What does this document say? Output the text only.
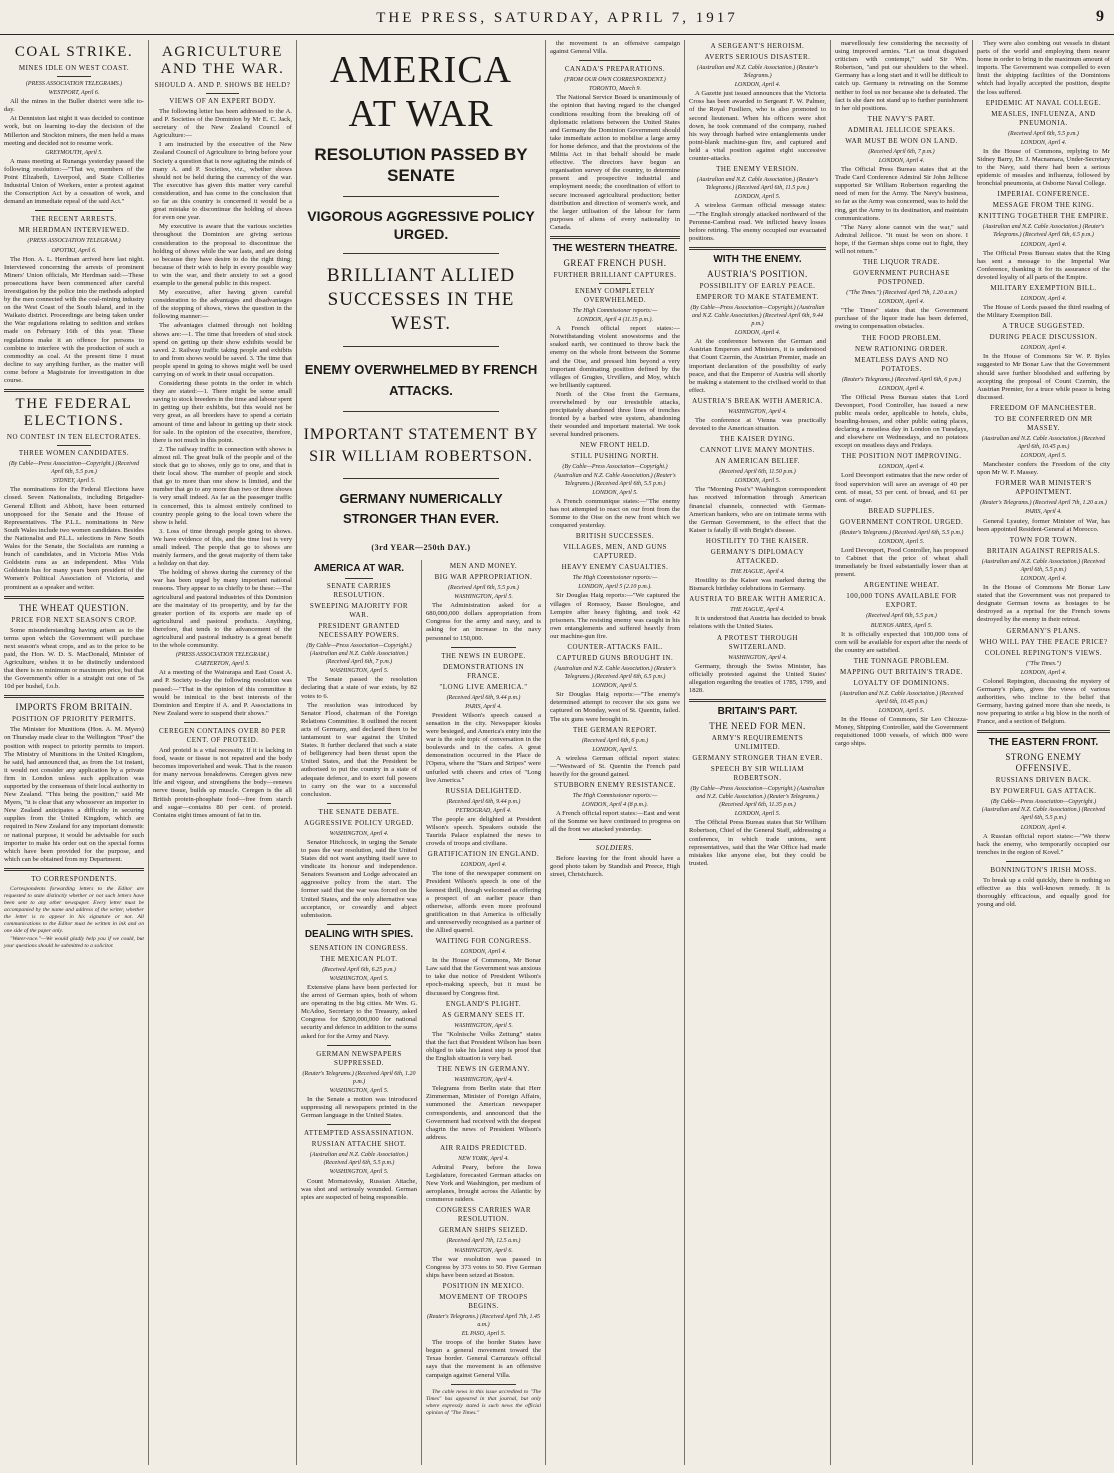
THE PRESS, SATURDAY, APRIL 7, 1917	9
COAL STRIKE.
MINES IDLE ON WEST COAST.
(PRESS ASSOCIATION TELEGRAMS.)
WESTPORT, April 6.

All the mines in the Buller district were idle to-day.

At Denniston last night it was decided to continue work, but on learning to-day the decision of the Millerton and Stockton miners, the men held a mass meeting and decided not to resume work.

GREYMOUTH, April 5.

A mass meeting at Runanga yesterday passed the following resolution:—"That we, members of the Point Elizabeth, Liverpool, and State Collieries Industrial Union of Workers, enter a protest against the Conscription Act by a cessation of work, and demand an immediate repeal of the said Act."

THE RECENT ARRESTS.
MR HERDMAN INTERVIEWED.
(PRESS ASSOCIATION TELEGRAM.)
OPOTIKI, April 6.

The Hon. A. L. Herdman arrived here last night. Interviewed concerning the arrests of prominent Miners' Union officials, Mr Herdman said:—These prosecutions have been commenced after careful investigation by the police into the methods adopted by the men connected with the coal-mining industry on the West Coast of the South Island, and in the Waikato district. Proceedings are being taken under the War regulations relating to sedition and strikes made on February 16th of this year. These regulations make it an offence for persons to combine to interfere with the production of such a commodity as coal. At the present time I must decline to say anything further, as the matter will come before a Magistrate for investigation in due course.

THE FEDERAL ELECTIONS.
NO CONTEST IN TEN ELECTORATES.
THREE WOMEN CANDIDATES.
(By Cable—Press Association—Copyright.) (Received April 6th, 5.5 p.m.)
SYDNEY, April 5.

The nominations for the Federal Elections have closed. Seven Nationalists, including Brigadier-General Elliott and Abbott, have been returned unopposed for the Senate and the House of Representatives. The P.L.L. nominations in New South Wales include two women candidates. Besides the Nationalist and P.L.L. selections in New South Wales for the Senate, the Socialists are running a bunch of candidates, and in Victoria Miss Vida Goldstein runs as an independent. Miss Vida Goldstein has for many years been president of the Women's Political Association of Victoria, and prominent as a speaker and writer.

THE WHEAT QUESTION.
PRICE FOR NEXT SEASON'S CROP.

Some misunderstanding having arisen as to the terms upon which the Government will purchase next season's wheat crops, and as to the price to be paid, the Hon. W. D. S. MacDonald, Minister of Agriculture, wishes it to be distinctly understood that there is no minimum or maximum price, but that the Government's offer is a straight out one of 5s 10d per bushel, f.o.b.

IMPORTS FROM BRITAIN.
POSITION OF PRIORITY PERMITS.

The Minister for Munitions (Hon. A. M. Myers) on Thursday made clear to the Wellington "Post" the position with respect to priority permits to import. The Ministry of Munitions in the United Kingdom, he said, had announced that, as from the 1st instant, it would not consider any application by a private firm in London unless such application was supported by the consensus of their local authority in New Zealand. "This being the position," said Mr Myers, "it is clear that any whosoever an importer in New Zealand anticipates a difficulty in securing supplies from the United Kingdom, which are required in New Zealand for any important domestic or national purpose, it would be advisable for such importer to make his order out on the special forms which have been provided for the purpose, and which can be obtained from my Department.

TO CORRESPONDENTS.

Correspondents forwarding letters to the Editor are requested to state distinctly whether or not such letters have been sent to any other newspaper. Every letter must be accompanied by the name and address of the writer, whether the letter is to appear in his signature or not. All communications to the Editor must be written in ink and on one side of the paper only.

"Water-race."—We would gladly help you if we could, but your questions should be submitted to a solicitor.

AGRICULTURE AND THE WAR.
SHOULD A. AND P. SHOWS BE HELD?
VIEWS OF AN EXPERT BODY.

The following letter has been addressed to the A. and P. Societies of the Dominion by Mr E. C. Jack, secretary of the New Zealand Council of Agriculture:—

I am instructed by the executive of the New Zealand Council of Agriculture to bring before your Society a question that is now agitating the minds of many A. and P. Societies, viz., whether shows should not be held during the currency of the war. The executive has given this matter very careful consideration, and has come to the conclusion that so far as this country is concerned it would be a great mistake to discontinue the holding of shows for even one year.

My executive is aware that the various societies throughout the Dominion are giving serious consideration to the proposal to discontinue the holding of shows while the war lasts, and are doing so because they have desire to do the right thing; because of their wish to help in every possible way to win the war, and their anxiety to set a good example to the general public in this respect.

My executive, after having given careful consideration to the advantages and disadvantages of the stopping of shows, views the question in the following manner:—

The advantages claimed through not holding shows are:—1. The time that breeders of stud stock spend on getting up their show exhibits would be saved. 2. Railway traffic taking people and exhibits to and from shows would be saved. 3. The time that people spend in going to shows might well be used carrying on of work in their usual occupation.

Considering these points in the order in which they are stated:—1. There might be some small saving to stock breeders in the time and labour spent in getting up their exhibits, but this would not be very great, as all breeders have to spend a certain amount of time and labour in getting up their stock for sale. In the opinion of the executive, therefore, there is not much in this point.

2. The railway traffic in connection with shows is almost nil. The great bulk of the people and of the stock that go to shows, only go to one, and that is their local show. The number of people and stock that go to more than one show is limited, and the number that go to any more than two or three shows is very small indeed. As far as the passenger traffic is concerned, this is almost entirely confined to country people going to the local town where the show is held.

3. Loss of time through people going to shows. We have evidence of this, and the time lost is very small indeed. The people that go to shows are mainly farmers, and the great majority of them take a holiday on that day.

The holding of shows during the currency of the war has been urged by many important national reasons. They appear to us chiefly to be these:—The agricultural and pastoral industries of this Dominion are the mainstay of its prosperity, and by far the greater portion of its exports are made up of agricultural and pastoral products. Anything, therefore, that tends to the advancement of the agricultural and pastoral industry is a great benefit to the whole community.

(PRESS ASSOCIATION TELEGRAM.)
CARTERTON, April 5.

At a meeting of the Wairarapa and East Coast A. and P. Society to-day the following resolution was passed:—"That in the opinion of this committee it would be inimical to the best interests of the Dominion and Empire if A. and P. Associations in New Zealand were to suspend their shows."

CEREGEN CONTAINS OVER 80 PER CENT. OF PROTEID.

And proteid is a vital necessity. If it is lacking in food, waste or tissue is not repaired and the body becomes impoverished and weak. That is the reason for many nervous breakdowns. Ceregen gives new life and vigour, and strengthens the body—renews nerve tissue, builds up muscle. Ceregen is the all British protein-phosphate food—free from starch and sugar—contains 80 per cent. of proteid. Contains eight times amount of fat in tin.

AMERICA AT WAR
RESOLUTION PASSED BY SENATE
VIGOROUS AGGRESSIVE POLICY URGED.
BRILLIANT ALLIED SUCCESSES IN THE WEST.
ENEMY OVERWHELMED BY FRENCH ATTACKS.
IMPORTANT STATEMENT BY SIR WILLIAM ROBERTSON.
GERMANY NUMERICALLY STRONGER THAN EVER.
(3rd YEAR—250th DAY.)
AMERICA AT WAR.
SENATE CARRIES RESOLUTION.
SWEEPING MAJORITY FOR WAR.
PRESIDENT GRANTED NECESSARY POWERS.
(By Cable—Press Association—Copyright.) (Australian and N.Z. Cable Association.) (Received April 6th, 7 p.m.)
WASHINGTON, April 5.

The Senate passed the resolution declaring that a state of war exists, by 82 votes to 6.

The resolution was introduced by Senator Flood, chairman of the Foreign Relations Committee. It outlined the recent acts of Germany, and declared them to be tantamount to war against the United States. It further declared that such a state of belligerency had been thrust upon the United States, and that the President be authorised to put the country in a state of adequate defence, and to exert full powers to carry on the war to a successful conclusion.

THE SENATE DEBATE.
AGGRESSIVE POLICY URGED.
WASHINGTON, April 4.

Senator Hitchcock, in urging the Senate to pass the war resolution, said the United States did not want anything itself save to vindicate its honour and independence. Senators Swanson and Lodge advocated an aggressive policy from the start. The former said that the war was forced on the United States, and the only alternative was acceptance, or cowardly and abject submission.

DEALING WITH SPIES.
SENSATION IN CONGRESS.
THE MEXICAN PLOT.
(Received April 6th, 6.25 p.m.)
WASHINGTON, April 5.

Extensive plans have been perfected for the arrest of German spies, both of whom are operating in the big cities. Mr Wm. G. McAdoo, Secretary to the Treasury, asked Congress for $200,000,000 for national security and defence in addition to the sums asked for for the Army and Navy.

GERMAN NEWSPAPERS SUPPRESSED.
(Reuter's Telegrams.) (Received April 6th, 1.20 p.m.)
WASHINGTON, April 5.

In the Senate a motion was introduced suppressing all newspapers printed in the German language in the United States.

ATTEMPTED ASSASSINATION.
RUSSIAN ATTACHE SHOT.
(Australian and N.Z. Cable Association.) (Received April 6th, 5.5 p.m.)
WASHINGTON, April 5.

Count Mornatovsky, Russian Attache, was shot and seriously wounded. German spies are suspected of being responsible.

MEN AND MONEY.
BIG WAR APPROPRIATION.
(Received April 6th, 5.5 p.m.)
WASHINGTON, April 5.

The Administration asked for a 680,000,000 dollars appropriation from Congress for the army and navy, and is asking for an increase in the navy personnel to 150,000.

THE NEWS IN EUROPE.
DEMONSTRATIONS IN FRANCE.
"LONG LIVE AMERICA."
(Received April 6th, 9.44 p.m.)
PARIS, April 4.

President Wilson's speech caused a sensation in the city. Newspaper kiosks were besieged, and America's entry into the war is the sole topic of conversation in the boulevards and in the cafes. A great demonstration occurred in the Place de l'Opera, where the "Stars and Stripes" were unfurled with cheers and cries of "Long live America."

RUSSIA DELIGHTED.
(Received April 6th, 9.44 p.m.)
PETROGRAD, April 4.

The people are delighted at President Wilson's speech. Speakers outside the Taurida Palace explained the news to crowds of troops and civilians.

GRATIFICATION IN ENGLAND.
LONDON, April 4.

The tone of the newspaper comment on President Wilson's speech is one of the keenest thrill, though welcomed as offering a prospect of an earlier peace than otherwise, affords even more profound gratification in that America is officially and unreservedly recognised as a partner of the Allied quarrel.

WAITING FOR CONGRESS.
LONDON, April 4.

In the House of Commons, Mr Bonar Law said that the Government was anxious to take due notice of President Wilson's epoch-making speech, but it must be discussed by Congress first.

ENGLAND'S PLIGHT.
AS GERMANY SEES IT.
WASHINGTON, April 5.

The "Kolnische Volks Zeitung" states that the fact that President Wilson has been obliged to take his latest step is proof that the English situation is very bad.

THE NEWS IN GERMANY.
WASHINGTON, April 4.

Telegrams from Berlin state that Herr Zimmerman, Minister of Foreign Affairs, summoned the American newspaper correspondents, and announced that the Government had received with the deepest chagrin the news of President Wilson's address.

AIR RAIDS PREDICTED.
NEW YORK, April 4.

Admiral Peary, before the Iowa Legislature, forecasted German attacks on New York and Washington, per medium of aeroplanes, brought across the Atlantic by commerce raiders.

CONGRESS CARRIES WAR RESOLUTION.
GERMAN SHIPS SEIZED.
(Received April 7th, 12.5 a.m.)
WASHINGTON, April 6.

The war resolution was passed in Congress by 373 votes to 50. Five German ships have been seized at Boston.

POSITION IN MEXICO.
MOVEMENT OF TROOPS BEGINS.
(Reuter's Telegrams.) (Received April 7th, 1.45 a.m.)
EL PASO, April 5.

The troops of the border States have begun a general movement toward the Texas border. General Carranza's official says that the movement is an offensive campaign against General Villa.

The cable news in this issue accredited to "The Times" has appeared in that journal, but only where expressly stated is such news the official opinion of "The Times."

the movement is an offensive campaign against General Villa.

CANADA'S PREPARATIONS.
(FROM OUR OWN CORRESPONDENT.)
TORONTO, March 9.

The National Service Board is unanimously of the opinion that having regard to the changed conditions resulting from the breaking off of diplomatic relations between the United States and Germany the Dominion Government should take immediate action to mobilise a large army for home defence, and that the provisions of the Militia Act in that behalf should be made effective. The directors have begun an organisation survey of the country, to determine present and prospective industrial and employment needs; the coordination of effort to secure increased agricultural production; better distribution and direction of women's work, and the larger utilisation of the labour for farm purposes of aliens of every nationality in Canada.

THE WESTERN THEATRE.
GREAT FRENCH PUSH.
FURTHER BRILLIANT CAPTURES.
ENEMY COMPLETELY OVERWHELMED.
The High Commissioner reports:—
LONDON, April 4 (11.15 p.m.).

A French official report states:—Notwithstanding violent snowstorms and the soaked earth, we continued to throw back the enemy on the whole front between the Somme and the Oise, and pressed him beyond a very important dominating position defined by the villages of Grugies, Urvillers, and Moy, which we brilliantly captured.

North of the Oise front the Germans, overwhelmed by our irresistible attacks, precipitately abandoned three lines of trenches fronted by a barbed wire system, abandoning their wounded and important material. We took several hundred prisoners.

NEW FRONT HELD.
STILL PUSHING NORTH.
(By Cable—Press Association—Copyright.) (Australian and N.Z. Cable Association.) (Reuter's Telegrams.) (Received April 6th, 5.5 p.m.)
LONDON, April 5.

A French communique states:—"The enemy has not attempted to react on our front from the Somme to the Oise on the new front which we conquered yesterday.

BRITISH SUCCESSES.
VILLAGES, MEN, AND GUNS CAPTURED.
HEAVY ENEMY CASUALTIES.
The High Commissioner reports:—
LONDON, April 5 (2.10 p.m.).

Sir Douglas Haig reports:—"We captured the villages of Ronssoy, Basse Boulogne, and Lempire after heavy fighting, and took 42 prisoners. The resisting enemy was caught in his own entanglements and suffered heavily from our machine-gun fire.

COUNTER-ATTACKS FAIL.
CAPTURED GUNS BROUGHT IN.
(Australian and N.Z. Cable Association.) (Reuter's Telegrams.) (Received April 6th, 6.5 p.m.)
LONDON, April 5.

Sir Douglas Haig reports:—"The enemy's determined attempt to recover the six guns we captured on Monday, west of St. Quentin, failed. The six guns were brought in.

THE GERMAN REPORT.
(Received April 6th, 6 p.m.)
LONDON, April 5.

A wireless German official report states:—"Westward of St. Quentin the French paid heavily for the ground gained.

STUBBORN ENEMY RESISTANCE.
The High Commissioner reports:—
LONDON, April 4 (8 p.m.).

A French official report states:—East and west of the Somme we have continued to progress on all the front we attacked yesterday.

SOLDIERS.

Before leaving for the front should have a good photo taken by Standish and Preece, High street, Christchurch.

A SERGEANT'S HEROISM.
AVERTS SERIOUS DISASTER.
(Australian and N.Z. Cable Association.) (Reuter's Telegrams.)
LONDON, April 4.

A Gazette just issued announces that the Victoria Cross has been awarded to Sergeant F. W. Palmer, of the Royal Fusiliers, who is also promoted to second lieutenant. When his officers were shot down, he took command of the company, rushed his way through barbed wire entanglements under point-blank machine-gun fire, and captured and held a vital position against eight successive counter-attacks.

THE ENEMY VERSION.
(Australian and N.Z. Cable Association.) (Reuter's Telegrams.) (Received April 6th, 11.5 p.m.)
LONDON, April 5.

A wireless German official message states:—"The English strongly attacked northward of the Peronne-Cambrai road. We inflicted heavy losses before retiring. The enemy occupied our evacuated positions.

WITH THE ENEMY.
AUSTRIA'S POSITION.
POSSIBILITY OF EARLY PEACE.
EMPEROR TO MAKE STATEMENT.
(By Cable—Press Association—Copyright.) (Australian and N.Z. Cable Association.) (Received April 6th, 9.44 p.m.)
LONDON, April 4.

At the conference between the German and Austrian Emperors and Ministers, it is understood that Count Czernin, the Austrian Premier, made an important declaration of the possibility of early peace, and that the Emperor of Austria will shortly be making a statement to the civilised world to that effect.

AUSTRIA'S BREAK WITH AMERICA.
WASHINGTON, April 4.

The conference at Vienna was practically devoted to the American situation.

THE KAISER DYING.
CANNOT LIVE MANY MONTHS.
AN AMERICAN BELIEF.
(Received April 6th, 11.50 p.m.)
LONDON, April 5.

The "Morning Post's" Washington correspondent has received information through American financial channels, connected with German-American bankers, who are on intimate terms with the German Government, to the effect that the Kaiser is fatally ill with Bright's disease.

HOSTILITY TO THE KAISER.
GERMANY'S DIPLOMACY ATTACKED.
THE HAGUE, April 4.

Hostility to the Kaiser was marked during the Bismarck birthday celebrations in Germany.

AUSTRIA TO BREAK WITH AMERICA.
THE HAGUE, April 4.

It is understood that Austria has decided to break relations with the United States.

A PROTEST THROUGH SWITZERLAND.
WASHINGTON, April 4.

Germany, through the Swiss Minister, has officially protested against the United States' allegation regarding the treaties of 1785, 1799, and 1828.

BRITAIN'S PART.
THE NEED FOR MEN.
ARMY'S REQUIREMENTS UNLIMITED.
GERMANY STRONGER THAN EVER.
SPEECH BY SIR WILLIAM ROBERTSON.
(By Cable—Press Association—Copyright.) (Australian and N.Z. Cable Association.) (Reuter's Telegrams.) (Received April 6th, 11.35 p.m.)
LONDON, April 5.

The Official Press Bureau states that Sir William Robertson, Chief of the General Staff, addressing a conference, in which trade unions, sent representatives, said that the War Office had made mistakes like anyone else, but they could be trusted.

marvellously few considering the necessity of using improved armies. "Let us treat disguised criticism with contempt," said Sir Wm. Robertson, "and put our shoulders to the wheel. Germany has a long start and it will be difficult to catch up. Germany is retreating on the Somme neither to fool us nor because she is defeated. The fact is she dare not stand up to further punishment in her old positions.

THE NAVY'S PART.
ADMIRAL JELLICOE SPEAKS.
WAR MUST BE WON ON LAND.
(Received April 6th, 7 p.m.)
LONDON, April 4.

The Official Press Bureau states that at the Trade Card Conference Admiral Sir John Jellicoe supported Sir William Robertson regarding the need of men for the Army. The Navy's business, so far as the Army was concerned, was to hold the ring, get the Army to its destination, and maintain communications.

"The Navy alone cannot win the war," said Admiral Jellicoe. "It must be won on shore. I hope, if the German ships come out to fight, they will not return."

THE LIQUOR TRADE.
GOVERNMENT PURCHASE POSTPONED.
("The Times.") (Received April 7th, 1.20 a.m.)
LONDON, April 4.

"The Times" states that the Government purchase of the liquor trade has been deferred, owing to compensation obstacles.

THE FOOD PROBLEM.
NEW RATIONING ORDER.
MEATLESS DAYS AND NO POTATOES.
(Reuter's Telegrams.) (Received April 6th, 6 p.m.)
LONDON, April 4.

The Official Press Bureau states that Lord Devonport, Food Controller, has issued a new public meals order, applicable to hotels, clubs, boarding-houses, and other public eating places, declaring a meatless day in London on Tuesdays, and elsewhere on Wednesdays, and no potatoes except on meatless days and Fridays.

THE POSITION NOT IMPROVING.
LONDON, April 4.

Lord Devonport estimates that the new order of food supervision will save an average of 40 per cent. of meat, 53 per cent. of bread, and 61 per cent. of sugar.

BREAD SUPPLIES.
GOVERNMENT CONTROL URGED.
(Reuter's Telegrams.) (Received April 6th, 5.5 p.m.)
LONDON, April 5.

Lord Devonport, Food Controller, has proposed to Cabinet that the price of wheat shall immediately be fixed substantially lower than at present.

ARGENTINE WHEAT.
100,000 TONS AVAILABLE FOR EXPORT.
(Received April 6th, 5.5 p.m.)
BUENOS AIRES, April 5.

It is officially expected that 100,000 tons of corn will be available for export after the needs of the country are satisfied.

THE TONNAGE PROBLEM.
MAPPING OUT BRITAIN'S TRADE.
LOYALTY OF DOMINIONS.
(Australian and N.Z. Cable Association.) (Received April 6th, 10.45 p.m.)
LONDON, April 5.

In the House of Commons, Sir Leo Chiozza-Money, Shipping Controller, said the Government requisitioned 1000 vessels, of which 800 were cargo ships.

They were also combing out vessels in distant parts of the world and employing them nearer home in order to bring in the maximum amount of imports. The Government was compelled to even limit the shipping facilities of the Dominions which had loyally accepted the position, despite the loss suffered.

EPIDEMIC AT NAVAL COLLEGE.
MEASLES, INFLUENZA, AND PNEUMONIA.
(Received April 6th, 5.5 p.m.)
LONDON, April 4.

In the House of Commons, replying to Mr Sidney Barry, Dr. J. Macnamara, Under-Secretary to the Navy, said there had been a serious epidemic of measles and influenza, followed by bronchial pneumonia, at Osborne Naval College.

IMPERIAL CONFERENCE.
MESSAGE FROM THE KING.
KNITTING TOGETHER THE EMPIRE.
(Australian and N.Z. Cable Association.) (Reuter's Telegrams.) (Received April 6th, 6.5 p.m.)
LONDON, April 4.

The Official Press Bureau states that the King has sent a message to the Imperial War Conference, thanking it for its assurance of the devoted loyalty of all parts of the Empire.

MILITARY EXEMPTION BILL.
LONDON, April 4.

The House of Lords passed the third reading of the Military Exemption Bill.

A TRUCE SUGGESTED.
DURING PEACE DISCUSSION.
LONDON, April 4.

In the House of Commons Sir W. P. Byles suggested to Mr Bonar Law that the Government should save further bloodshed and suffering by accepting the proposal of Count Czernin, the Austrian Premier, for a truce while peace is being discussed.

FREEDOM OF MANCHESTER.
TO BE CONFERRED ON MR MASSEY.
(Australian and N.Z. Cable Association.) (Received April 6th, 10.45 p.m.)
LONDON, April 5.

Manchester confers the Freedom of the city upon Mr W. F. Massey.

FORMER WAR MINISTER'S APPOINTMENT.
(Reuter's Telegrams.) (Received April 7th, 1.20 a.m.)
PARIS, April 4.

General Lyautey, former Minister of War, has been appointed Resident-General at Morocco.

TOWN FOR TOWN.
BRITAIN AGAINST REPRISALS.
(Australian and N.Z. Cable Association.) (Received April 6th, 5.5 p.m.)
LONDON, April 4.

In the House of Commons Mr Bonar Law stated that the Government was not prepared to designate German towns as hostages to be destroyed as a reprisal for the French towns destroyed by the enemy in their retreat.

GERMANY'S PLANS.
WHO WILL PAY THE PEACE PRICE?
COLONEL REPINGTON'S VIEWS.
("The Times.")
LONDON, April 4.

Colonel Repington, discussing the mystery of Germany's plans, gives the views of various authorities, who incline to the belief that Germany, having gained more than she needs, is now preparing to strike a big blow in the north of France, and a section of Belgium.

THE EASTERN FRONT.
STRONG ENEMY OFFENSIVE.
RUSSIANS DRIVEN BACK.
BY POWERFUL GAS ATTACK.
(By Cable—Press Association—Copyright.) (Australian and N.Z. Cable Association.) (Received April 6th, 5.5 p.m.)
LONDON, April 4.

A Russian official report states:—"We threw back the enemy, who temporarily occupied our trenches in the region of Kovel."

BONNINGTON'S IRISH MOSS.

To break up a cold quickly, there is nothing so effective as this well-known remedy. It is thoroughly efficacious, and equally good for young and old.
